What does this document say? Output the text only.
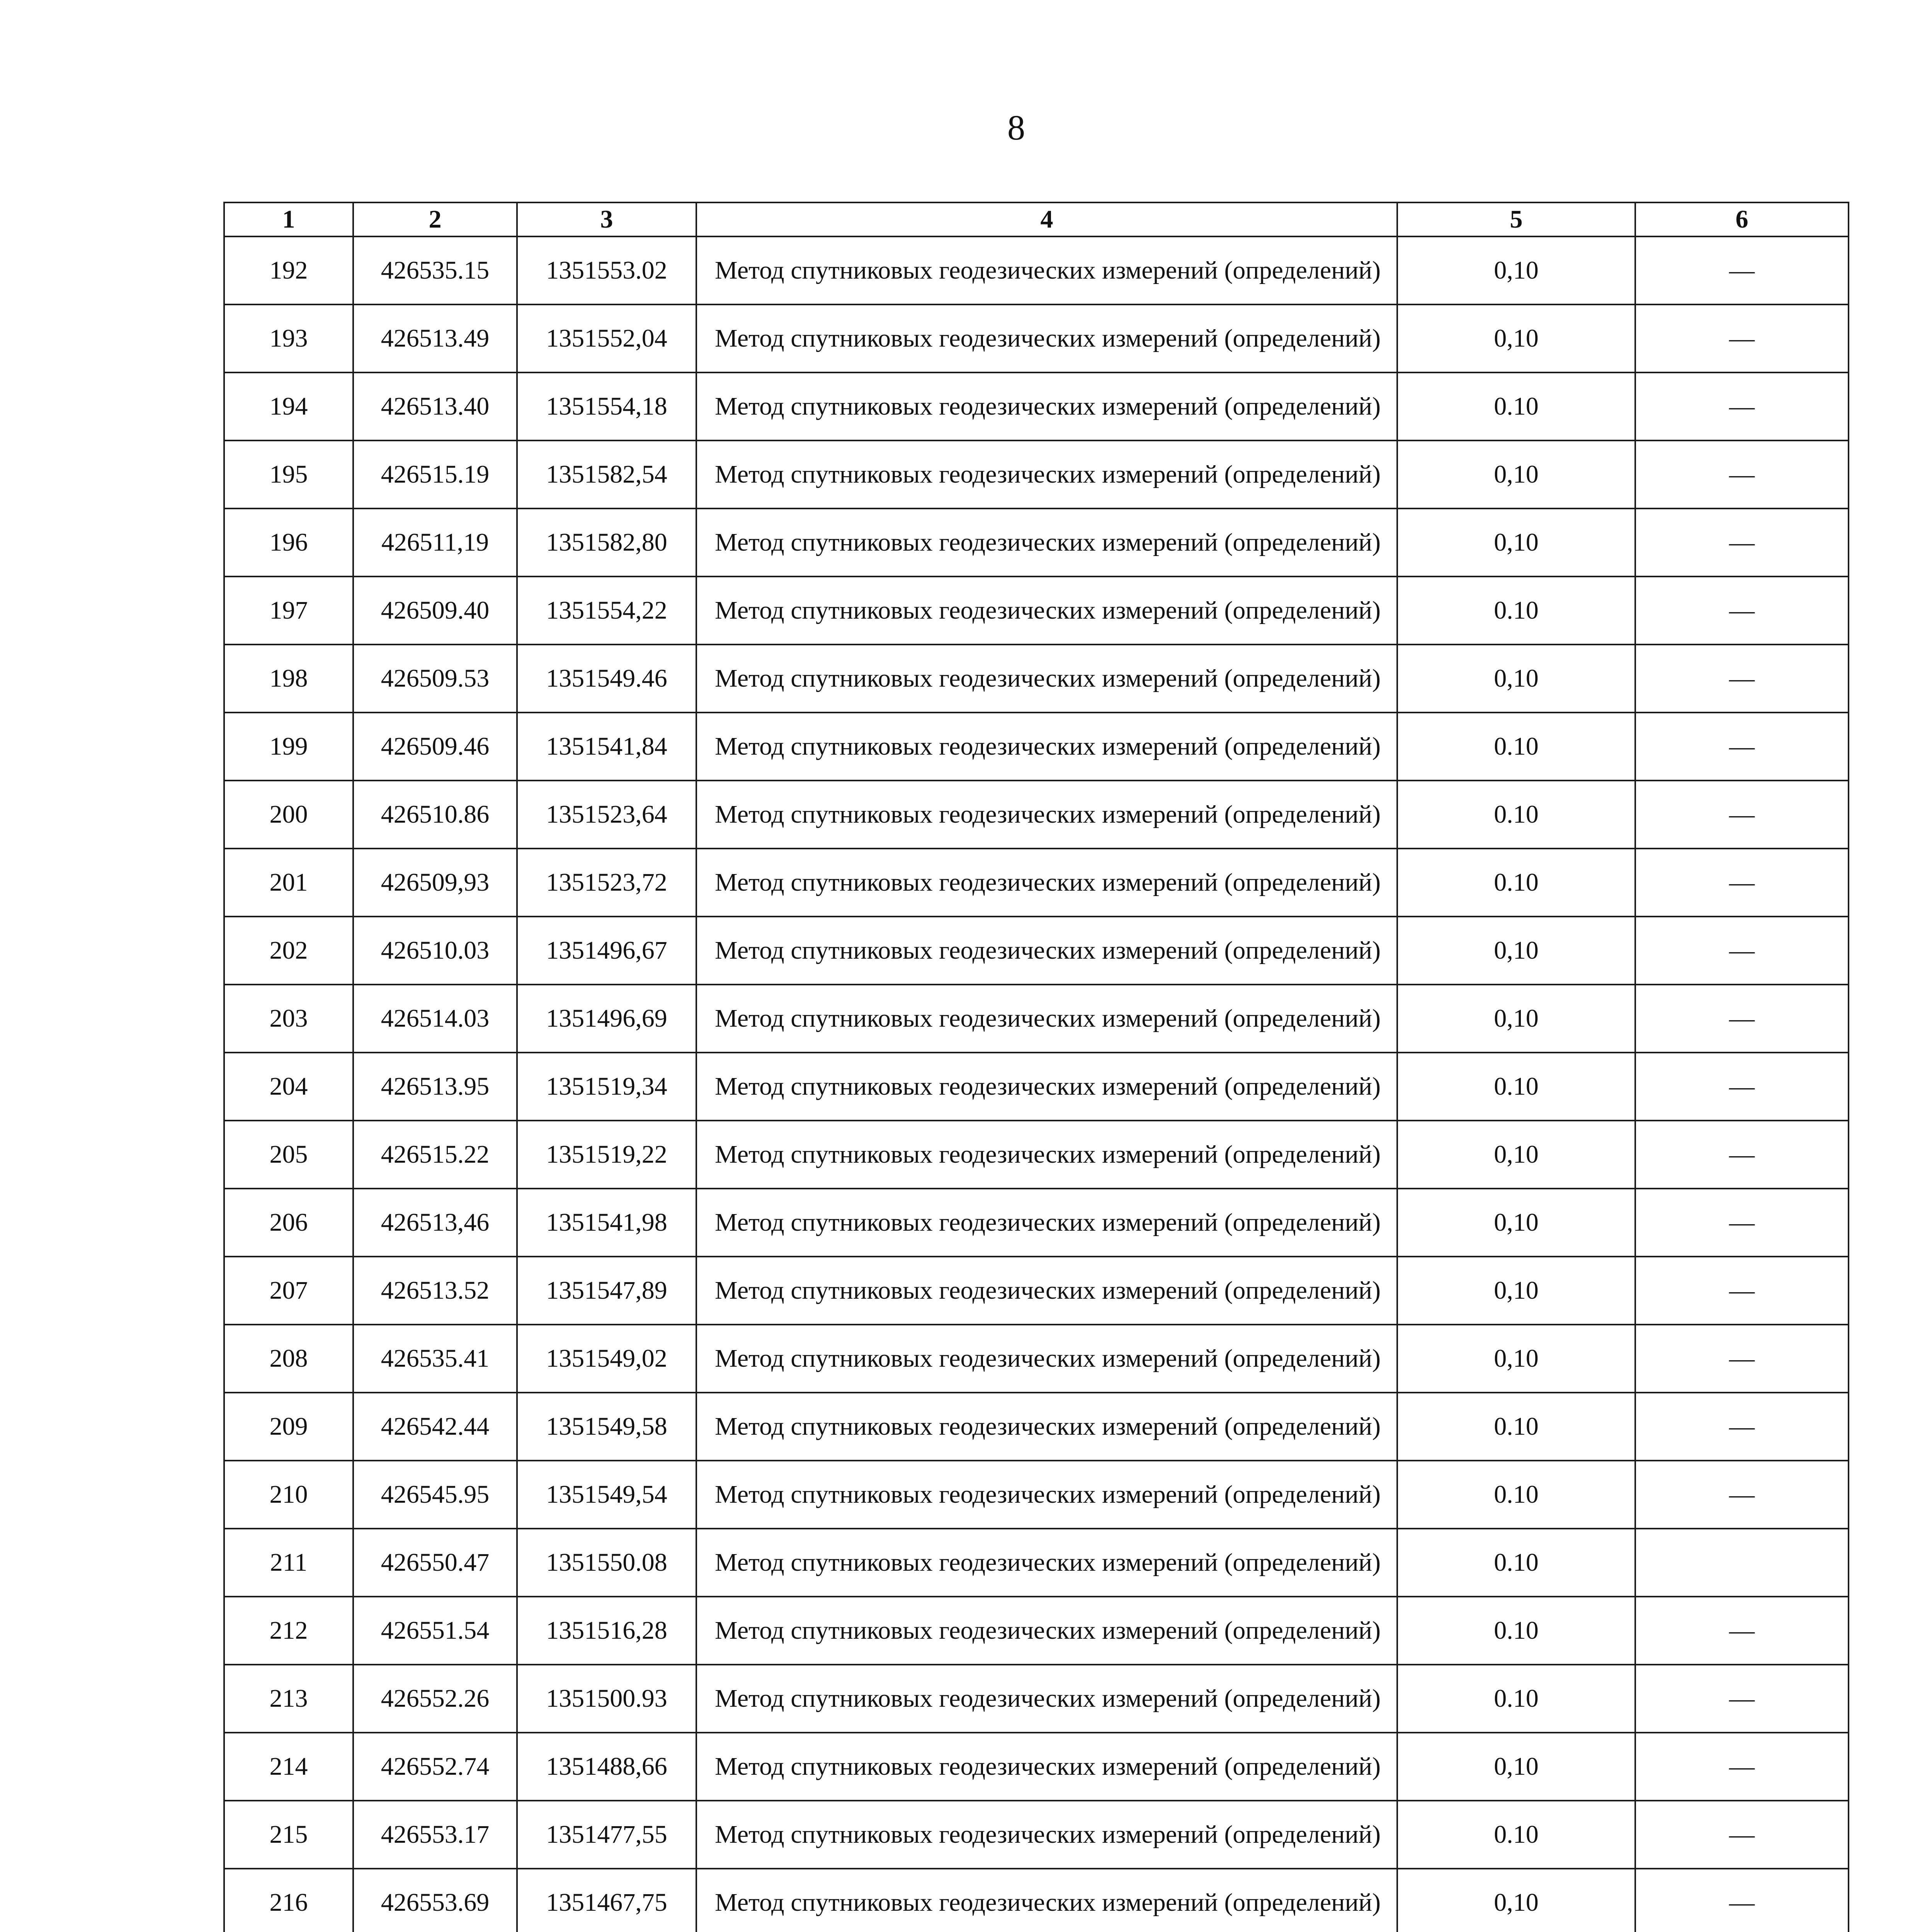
8
1	2	3	4	5	6
192	426535.15	1351553.02	Метод спутниковых геодезических измерений (определений)	0,10	—
193	426513.49	1351552,04	Метод спутниковых геодезических измерений (определений)	0,10	—
194	426513.40	1351554,18	Метод спутниковых геодезических измерений (определений)	0.10	—
195	426515.19	1351582,54	Метод спутниковых геодезических измерений (определений)	0,10	—
196	426511,19	1351582,80	Метод спутниковых геодезических измерений (определений)	0,10	—
197	426509.40	1351554,22	Метод спутниковых геодезических измерений (определений)	0.10	—
198	426509.53	1351549.46	Метод спутниковых геодезических измерений (определений)	0,10	—
199	426509.46	1351541,84	Метод спутниковых геодезических измерений (определений)	0.10	—
200	426510.86	1351523,64	Метод спутниковых геодезических измерений (определений)	0.10	—
201	426509,93	1351523,72	Метод спутниковых геодезических измерений (определений)	0.10	—
202	426510.03	1351496,67	Метод спутниковых геодезических измерений (определений)	0,10	—
203	426514.03	1351496,69	Метод спутниковых геодезических измерений (определений)	0,10	—
204	426513.95	1351519,34	Метод спутниковых геодезических измерений (определений)	0.10	—
205	426515.22	1351519,22	Метод спутниковых геодезических измерений (определений)	0,10	—
206	426513,46	1351541,98	Метод спутниковых геодезических измерений (определений)	0,10	—
207	426513.52	1351547,89	Метод спутниковых геодезических измерений (определений)	0,10	—
208	426535.41	1351549,02	Метод спутниковых геодезических измерений (определений)	0,10	—
209	426542.44	1351549,58	Метод спутниковых геодезических измерений (определений)	0.10	—
210	426545.95	1351549,54	Метод спутниковых геодезических измерений (определений)	0.10	—
211	426550.47	1351550.08	Метод спутниковых геодезических измерений (определений)	0.10	
212	426551.54	1351516,28	Метод спутниковых геодезических измерений (определений)	0.10	—
213	426552.26	1351500.93	Метод спутниковых геодезических измерений (определений)	0.10	—
214	426552.74	1351488,66	Метод спутниковых геодезических измерений (определений)	0,10	—
215	426553.17	1351477,55	Метод спутниковых геодезических измерений (определений)	0.10	—
216	426553.69	1351467,75	Метод спутниковых геодезических измерений (определений)	0,10	—
